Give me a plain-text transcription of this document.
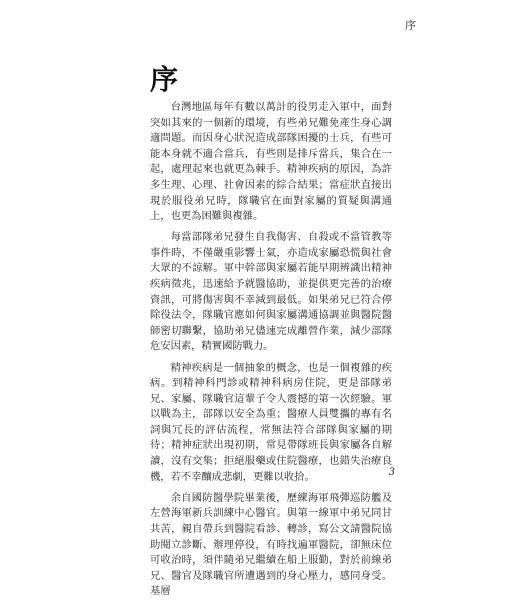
序
序

台灣地區每年有數以萬計的役男走入軍中，面對突如其來的一個新的環境，有些弟兄難免產生身心調適問題。而因身心狀況造成部隊困擾的士兵，有些可能本身就不適合當兵，有些則是排斥當兵，集合在一起，處理起來也就更為棘手。精神疾病的原因，為許多生理、心理、社會因素的綜合結果；當症狀直接出現於服役弟兄時，隊職官在面對家屬的質疑與溝通上，也更為困難與複雜。

每當部隊弟兄發生自我傷害、自殺或不當管教等事件時，不僅嚴重影響士氣，亦造成家屬恐慌與社會大眾的不諒解。軍中幹部與家屬若能早期辨識出精神疾病徵兆，迅速給予就醫協助，並提供更完善的治療資訊，可將傷害與不幸減到最低。如果弟兄已符合停除役法令，隊職官應如何與家屬溝通協調並與醫院醫師密切聯繫，協助弟兄儘速完成離營作業，減少部隊危安因素，精實國防戰力。

精神疾病是一個抽象的概念，也是一個複雜的疾病。到精神科門診或精神科病房住院，更是部隊弟兄、家屬、隊職官這輩子令人震撼的第一次經驗。軍以戰為主，部隊以安全為重；醫療人員雙攜的專有名詞與冗長的評估流程，常無法符合部隊與家屬的期待；精神症狀出現初期，常見帶隊班長與家屬各自解讀，沒有交集；拒絕服藥或住院醫療，也錯失治療良機，若不幸釀成悲劇，更難以收拾。

余自國防醫學院畢業後，歷練海軍飛彈巡防艦及左營海軍新兵訓練中心醫官。與第一線軍中弟兄同甘共苦，親自帶兵到醫院看診、轉診，寫公文請醫院協助閱立診斷、辦理停役，有時找遍軍醫院，卻無床位可收治時，須伴隨弟兄繼續在船上服勤，對於前線弟兄、醫官及隊職官所遭遇到的身心壓力，感同身受。基層

3
